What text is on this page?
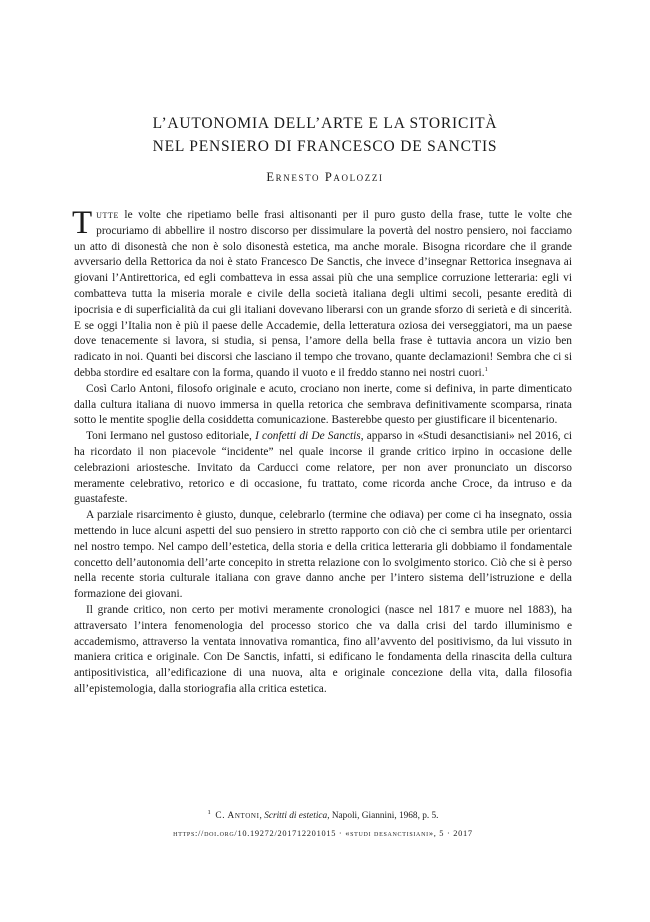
L’AUTONOMIA DELL’ARTE E LA STORICITÀ
NEL PENSIERO DI FRANCESCO DE SANCTIS

Ernesto Paolozzi

Tutte le volte che ripetiamo belle frasi altisonanti per il puro gusto della frase, tutte le volte che procuriamo di abbellire il nostro discorso per dissimulare la povertà del nostro pensiero, noi facciamo un atto di disonestà che non è solo disonestà estetica, ma anche morale. Bisogna ricordare che il grande avversario della Rettorica da noi è stato Francesco De Sanctis, che invece d’insegnar Rettorica insegnava ai giovani l’Antirettorica, ed egli combatteva in essa assai più che una semplice corruzione letteraria: egli vi combatteva tutta la miseria morale e civile della società italiana degli ultimi secoli, pesante eredità di ipocrisia e di superficialità da cui gli italiani dovevano liberarsi con un grande sforzo di serietà e di sincerità. E se oggi l’Italia non è più il paese delle Accademie, della letteratura oziosa dei verseggiatori, ma un paese dove tenacemente si lavora, si studia, si pensa, l’amore della bella frase è tuttavia ancora un vizio ben radicato in noi. Quanti bei discorsi che lasciano il tempo che trovano, quante declamazioni! Sembra che ci si debba stordire ed esaltare con la forma, quando il vuoto e il freddo stanno nei nostri cuori.$^1$

Così Carlo Antoni, filosofo originale e acuto, crociano non inerte, come si definiva, in parte dimenticato dalla cultura italiana di nuovo immersa in quella retorica che sembrava definitivamente scomparsa, rinata sotto le mentite spoglie della cosiddetta comunicazione. Basterebbe questo per giustificare il bicentenario.

Toni Iermano nel gustoso editoriale, I confetti di De Sanctis, apparso in «Studi desanctisiani» nel 2016, ci ha ricordato il non piacevole “incidente” nel quale incorse il grande critico irpino in occasione delle celebrazioni ariostesche. Invitato da Carducci come relatore, per non aver pronunciato un discorso meramente celebrativo, retorico e di occasione, fu trattato, come ricorda anche Croce, da intruso e da guastafeste.

A parziale risarcimento è giusto, dunque, celebrarlo (termine che odiava) per come ci ha insegnato, ossia mettendo in luce alcuni aspetti del suo pensiero in stretto rapporto con ciò che ci sembra utile per orientarci nel nostro tempo. Nel campo dell’estetica, della storia e della critica letteraria gli dobbiamo il fondamentale concetto dell’autonomia dell’arte concepito in stretta relazione con lo svolgimento storico. Ciò che si è perso nella recente storia culturale italiana con grave danno anche per l’intero sistema dell’istruzione e della formazione dei giovani.

Il grande critico, non certo per motivi meramente cronologici (nasce nel 1817 e muore nel 1883), ha attraversato l’intera fenomenologia del processo storico che va dalla crisi del tardo illuminismo e accademismo, attraverso la ventata innovativa romantica, fino all’avvento del positivismo, da lui vissuto in maniera critica e originale. Con De Sanctis, infatti, si edificano le fondamenta della rinascita della cultura antipositivistica, all’edificazione di una nuova, alta e originale concezione della vita, dalla filosofia all’epistemologia, dalla storiografia alla critica estetica.

$^1$ C. Antoni, Scritti di estetica, Napoli, Giannini, 1968, p. 5.

https://doi.org/10.19272/201712201015 · «studi desanctisiani», 5 · 2017
